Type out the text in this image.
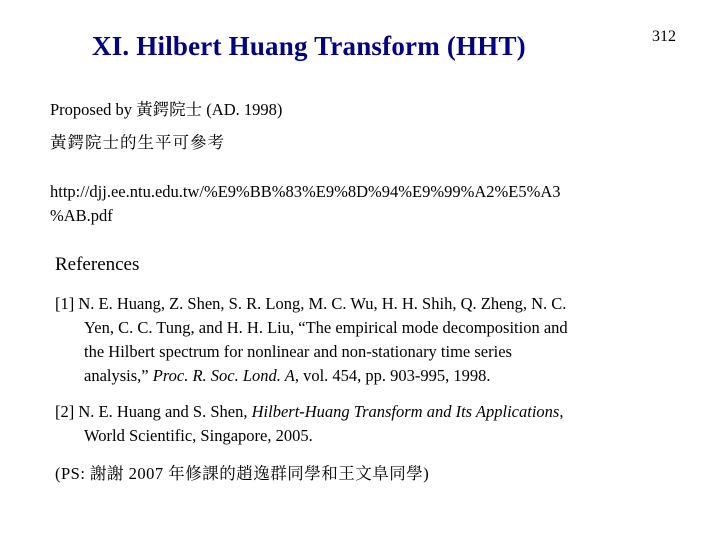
XI. Hilbert Huang Transform (HHT)	312
Proposed by 黃鍔院士 (AD. 1998)
黃鍔院士的生平可參考
http://djj.ee.ntu.edu.tw/%E9%BB%83%E9%8D%94%E9%99%A2%E5%A3
%AB.pdf
References
[1] N. E. Huang, Z. Shen, S. R. Long, M. C. Wu, H. H. Shih, Q. Zheng, N. C.
Yen, C. C. Tung, and H. H. Liu, “The empirical mode decomposition and
the Hilbert spectrum for nonlinear and non-stationary time series
analysis,” Proc. R. Soc. Lond. A, vol. 454, pp. 903-995, 1998.
[2] N. E. Huang and S. Shen, Hilbert-Huang Transform and Its Applications,
World Scientific, Singapore, 2005.
(PS: 謝謝 2007 年修課的趙逸群同學和王文阜同學)
